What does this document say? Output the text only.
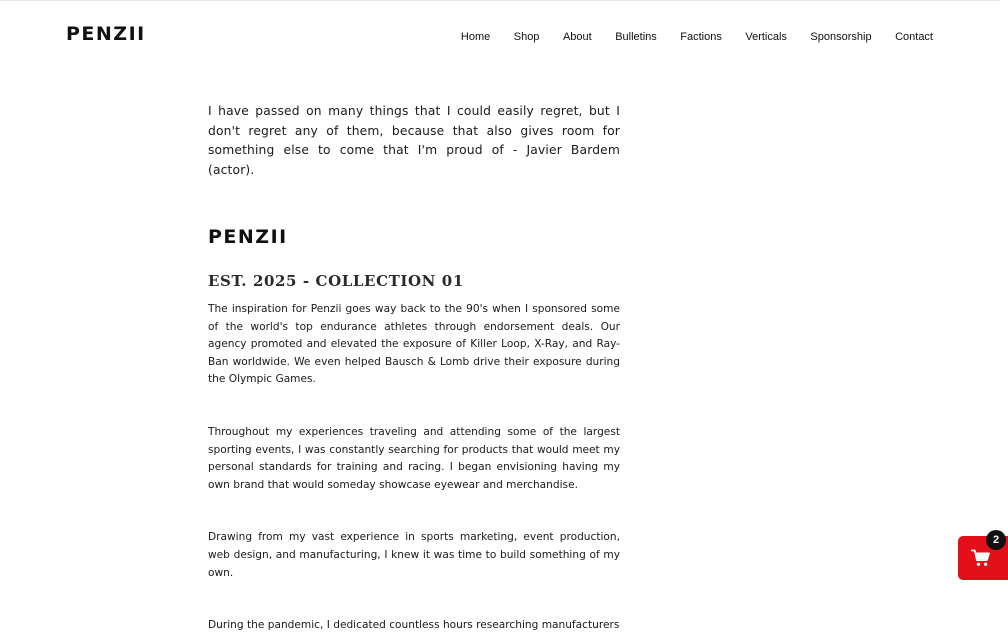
PENZII	Home Shop About Bulletins Factions Verticals Sponsorship Contact

I have passed on many things that I could easily regret, but I don't regret any of them, because that also gives room for something else to come that I'm proud of - Javier Bardem (actor).

PENZII
EST. 2025 - COLLECTION 01

The inspiration for Penzii goes way back to the 90's when I sponsored some of the world's top endurance athletes through endorsement deals. Our agency promoted and elevated the exposure of Killer Loop, X-Ray, and Ray-Ban worldwide. We even helped Bausch & Lomb drive their exposure during the Olympic Games.

Throughout my experiences traveling and attending some of the largest sporting events, I was constantly searching for products that would meet my personal standards for training and racing. I began envisioning having my own brand that would someday showcase eyewear and merchandise.

Drawing from my vast experience in sports marketing, event production, web design, and manufacturing, I knew it was time to build something of my own.

During the pandemic, I dedicated countless hours researching manufacturers

2
